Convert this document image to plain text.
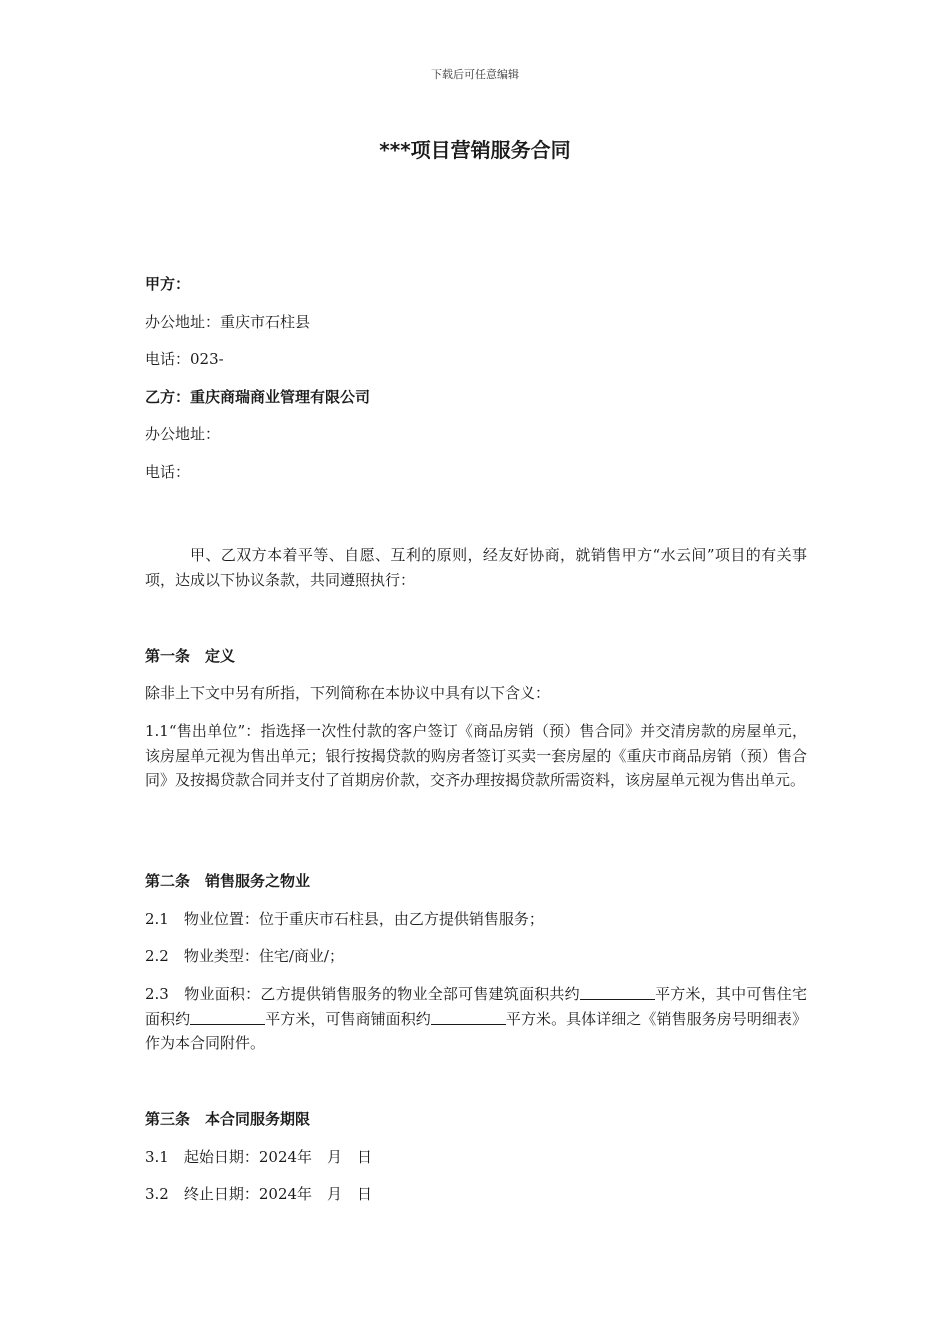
下载后可任意编辑
***项目营销服务合同
甲方：
办公地址：重庆市石柱县
电话：023-
乙方：重庆商瑞商业管理有限公司
办公地址：
电话：
甲、乙双方本着平等、自愿、互利的原则，经友好协商，就销售甲方“水云间”项目的有关事项，达成以下协议条款，共同遵照执行：
第一条　定义
除非上下文中另有所指，下列简称在本协议中具有以下含义：
1.1“售出单位”：指选择一次性付款的客户签订《商品房销（预）售合同》并交清房款的房屋单元，该房屋单元视为售出单元；银行按揭贷款的购房者签订买卖一套房屋的《重庆市商品房销（预）售合同》及按揭贷款合同并支付了首期房价款，交齐办理按揭贷款所需资料，该房屋单元视为售出单元。
第二条　销售服务之物业
2.1　物业位置：位于重庆市石柱县，由乙方提供销售服务；
2.2　物业类型：住宅/商业/；
2.3　物业面积：乙方提供销售服务的物业全部可售建筑面积共约	平方米，其中可售住宅面积约	平方米，可售商铺面积约	平方米。具体详细之《销售服务房号明细表》作为本合同附件。
第三条　本合同服务期限
3.1　起始日期：2024年　月　日
3.2　终止日期：2024年　月　日
